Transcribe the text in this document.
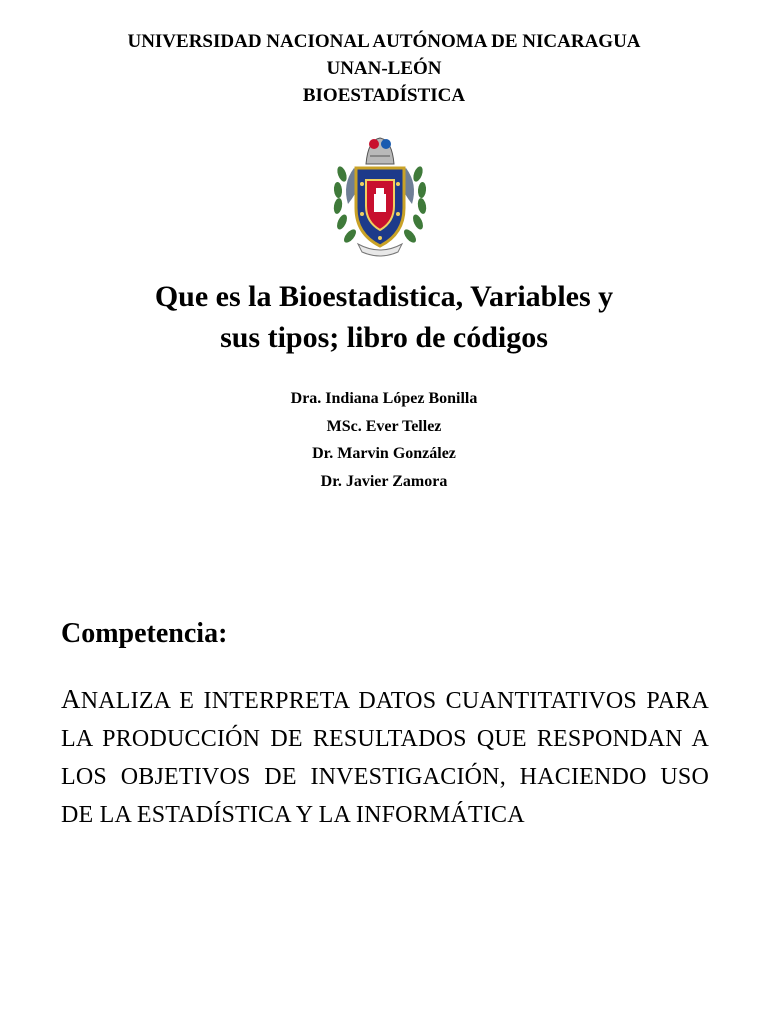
UNIVERSIDAD NACIONAL AUTÓNOMA DE NICARAGUA
UNAN-LEÓN
BIOESTADÍSTICA
Que es la Bioestadistica, Variables y
sus tipos; libro de códigos
Dra. Indiana López Bonilla
MSc. Ever Tellez
Dr. Marvin González
Dr. Javier Zamora
Competencia:
ANALIZA E INTERPRETA DATOS CUANTITATIVOS PARA LA PRODUCCIÓN DE RESULTADOS QUE RESPONDAN A LOS OBJETIVOS DE INVESTIGACIÓN, HACIENDO USO DE LA ESTADÍSTICA Y LA INFORMÁTICA
